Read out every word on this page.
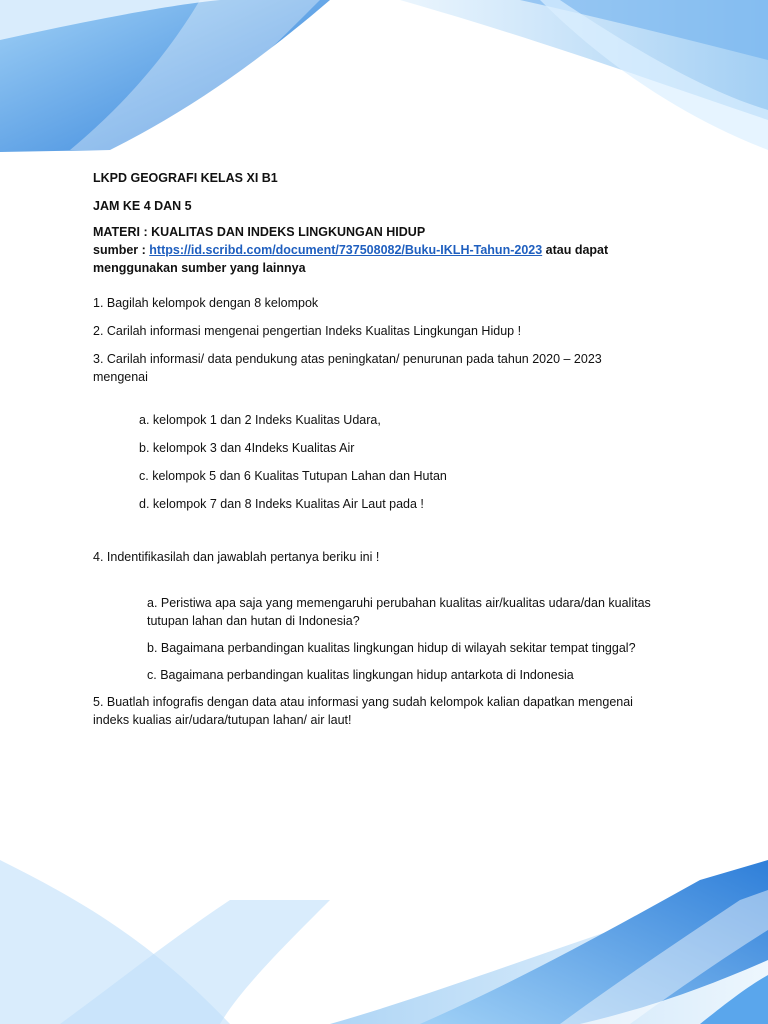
LKPD GEOGRAFI KELAS XI B1
JAM KE 4 DAN 5
MATERI : KUALITAS DAN INDEKS LINGKUNGAN HIDUP
sumber : https://id.scribd.com/document/737508082/Buku-IKLH-Tahun-2023 atau dapat
menggunakan sumber yang lainnya
1. Bagilah kelompok dengan 8 kelompok
2. Carilah informasi mengenai pengertian Indeks Kualitas Lingkungan Hidup !
3. Carilah informasi/ data pendukung atas peningkatan/ penurunan pada tahun 2020 – 2023
mengenai
a. kelompok 1 dan 2 Indeks Kualitas Udara,
b. kelompok 3 dan 4Indeks Kualitas Air
c. kelompok 5 dan 6 Kualitas Tutupan Lahan dan Hutan
d. kelompok 7 dan 8 Indeks Kualitas Air Laut pada !
4. Indentifikasilah dan jawablah pertanya beriku ini !
a. Peristiwa apa saja yang memengaruhi perubahan kualitas air/kualitas udara/dan kualitas
tutupan lahan dan hutan di Indonesia?
b. Bagaimana perbandingan kualitas lingkungan hidup di wilayah sekitar tempat tinggal?
c. Bagaimana perbandingan kualitas lingkungan hidup antarkota di Indonesia
5. Buatlah infografis dengan data atau informasi yang sudah kelompok kalian dapatkan mengenai
indeks kualias air/udara/tutupan lahan/ air laut!
